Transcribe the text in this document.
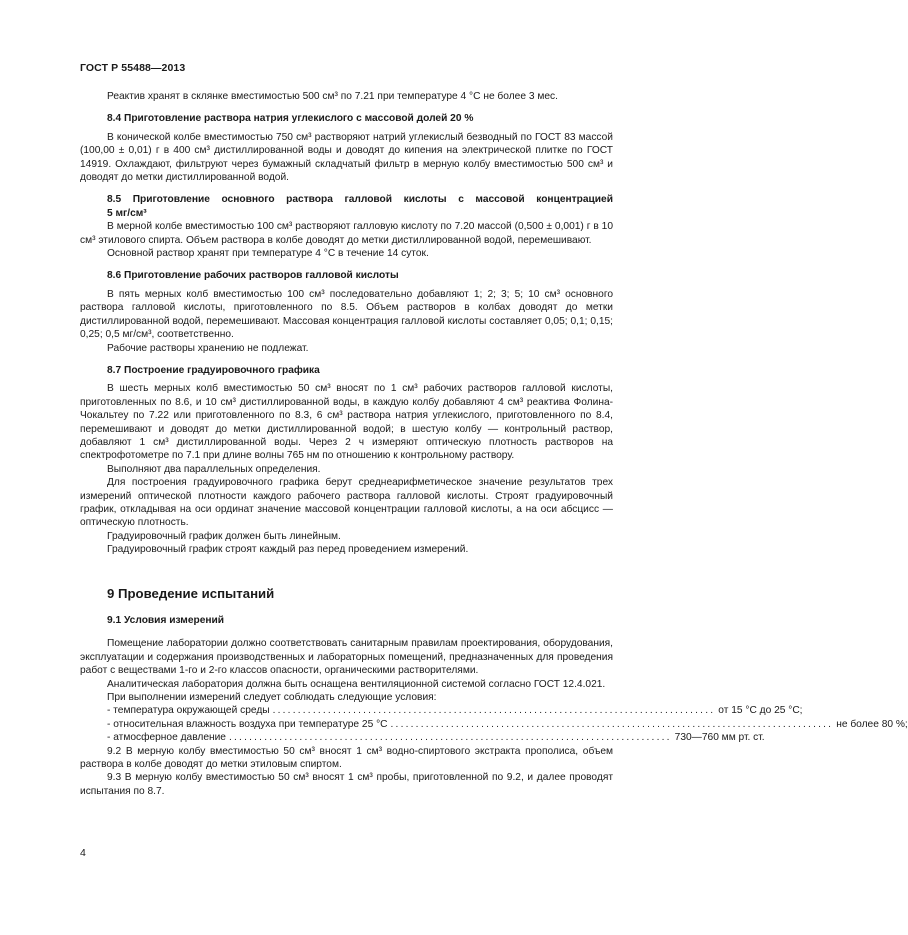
ГОСТ Р 55488—2013

Реактив хранят в склянке вместимостью 500 см³ по 7.21 при температуре 4 °С не более 3 мес.

8.4 Приготовление раствора натрия углекислого с массовой долей 20 %

В конической колбе вместимостью 750 см³ растворяют натрий углекислый безводный по ГОСТ 83 массой (100,00 ± 0,01) г в 400 см³ дистиллированной воды и доводят до кипения на электрической плитке по ГОСТ 14919. Охлаждают, фильтруют через бумажный складчатый фильтр в мерную колбу вместимостью 500 см³ и доводят до метки дистиллированной водой.

8.5 Приготовление основного раствора галловой кислоты с массовой концентрацией

5 мг/см³

В мерной колбе вместимостью 100 см³ растворяют галловую кислоту по 7.20 массой (0,500 ± 0,001) г в 10 см³ этилового спирта. Объем раствора в колбе доводят до метки дистиллированной водой, перемешивают.

Основной раствор хранят при температуре 4 °С в течение 14 суток.

8.6 Приготовление рабочих растворов галловой кислоты

В пять мерных колб вместимостью 100 см³ последовательно добавляют 1; 2; 3; 5; 10 см³ основного раствора галловой кислоты, приготовленного по 8.5. Объем растворов в колбах доводят до метки дистиллированной водой, перемешивают. Массовая концентрация галловой кислоты составляет 0,05; 0,1; 0,15; 0,25; 0,5 мг/см³, соответственно.

Рабочие растворы хранению не подлежат.

8.7 Построение градуировочного графика

В шесть мерных колб вместимостью 50 см³ вносят по 1 см³ рабочих растворов галловой кислоты, приготовленных по 8.6, и 10 см³ дистиллированной воды, в каждую колбу добавляют 4 см³ реактива Фолина-Чокальтеу по 7.22 или приготовленного по 8.3, 6 см³ раствора натрия углекислого, приготовленного по 8.4, перемешивают и доводят до метки дистиллированной водой; в шестую колбу — контрольный раствор, добавляют 1 см³ дистиллированной воды. Через 2 ч измеряют оптическую плотность растворов на спектрофотометре по 7.1 при длине волны 765 нм по отношению к контрольному раствору.

Выполняют два параллельных определения.

Для построения градуировочного графика берут среднеарифметическое значение результатов трех измерений оптической плотности каждого рабочего раствора галловой кислоты. Строят градуировочный график, откладывая на оси ординат значение массовой концентрации галловой кислоты, а на оси абсцисс — оптическую плотность.

Градуировочный график должен быть линейным.

Градуировочный график строят каждый раз перед проведением измерений.

9 Проведение испытаний

9.1 Условия измерений

Помещение лаборатории должно соответствовать санитарным правилам проектирования, оборудования, эксплуатации и содержания производственных и лабораторных помещений, предназначенных для проведения работ с веществами 1-го и 2-го классов опасности, органическими растворителями.

Аналитическая лаборатория должна быть оснащена вентиляционной системой согласно ГОСТ 12.4.021.

При выполнении измерений следует соблюдать следующие условия:

- температура окружающей среды ........................................................................................ от 15 °С до 25 °С;
- относительная влажность воздуха при температуре 25 °С ........................................................................................ не более 80 %;
- атмосферное давление ........................................................................................ 730—760 мм рт. ст.

9.2 В мерную колбу вместимостью 50 см³ вносят 1 см³ водно-спиртового экстракта прополиса, объем раствора в колбе доводят до метки этиловым спиртом.

9.3 В мерную колбу вместимостью 50 см³ вносят 1 см³ пробы, приготовленной по 9.2, и далее проводят испытания по 8.7.

4
